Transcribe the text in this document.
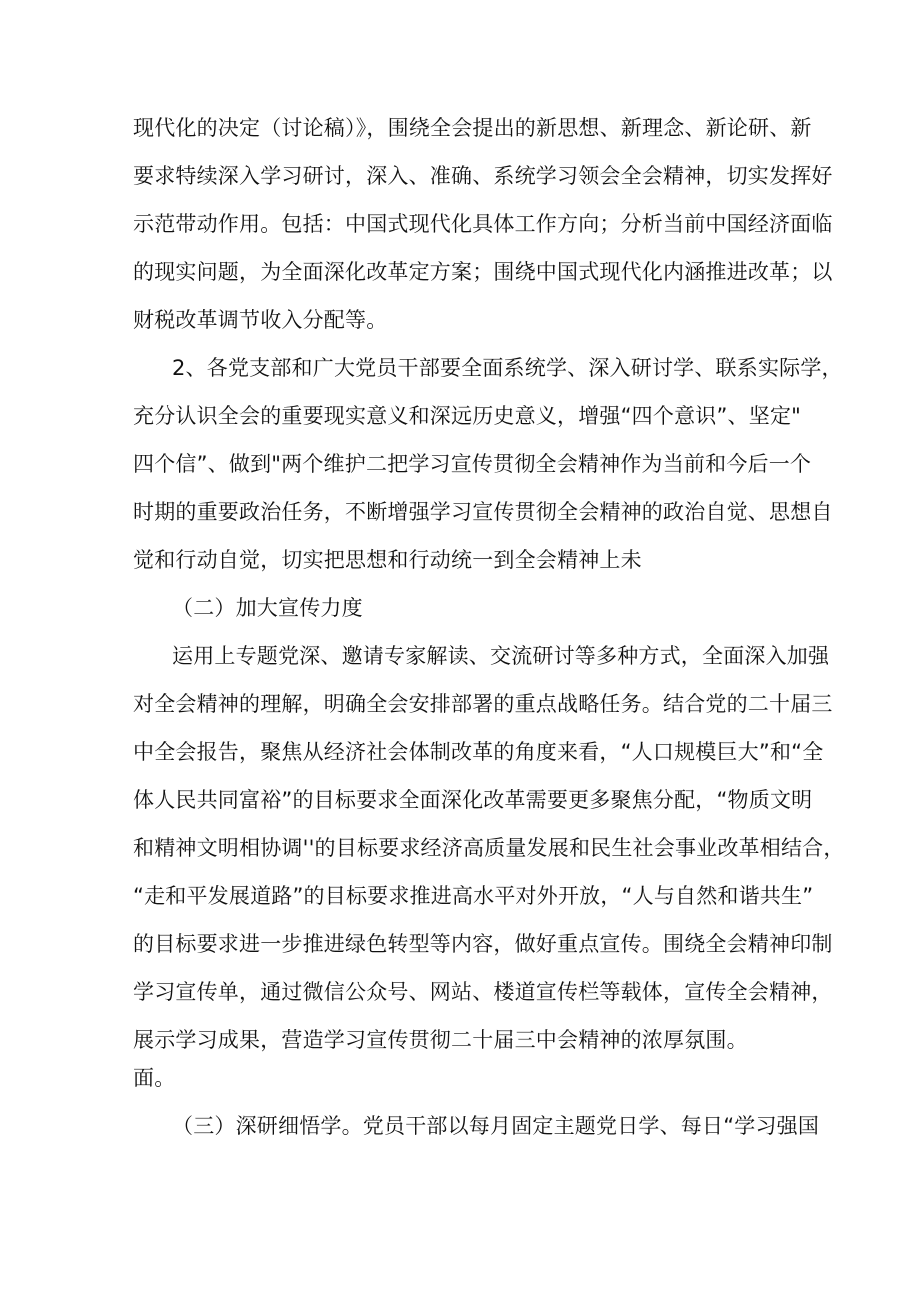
现代化的决定（讨论稿）》，围绕全会提出的新思想、新理念、新论研、新
要求特续深入学习研讨，深入、准确、系统学习领会全会精神，切实发挥好
示范带动作用。包括：中国式现代化具体工作方向；分析当前中国经济面临
的现实问题，为全面深化改革定方案；围绕中国式现代化内涵推进改革；以
财税改革调节收入分配等。
2、各党支部和广大党员干部要全面系统学、深入研讨学、联系实际学，
充分认识全会的重要现实意义和深远历史意义，增强“四个意识”、坚定"
四个信”、做到"两个维护二把学习宣传贯彻全会精神作为当前和今后一个
时期的重要政治任务，不断增强学习宣传贯彻全会精神的政治自觉、思想自
觉和行动自觉，切实把思想和行动统一到全会精神上未
（二）加大宣传力度
运用上专题党深、邀请专家解读、交流研讨等多种方式，全面深入加强
对全会精神的理解，明确全会安排部署的重点战略任务。结合党的二十届三
中全会报告，聚焦从经济社会体制改革的角度来看，“人口规模巨大”和“全
体人民共同富裕”的目标要求全面深化改革需要更多聚焦分配，“物质文明
和精神文明相协调''的目标要求经济高质量发展和民生社会事业改革相结合，
“走和平发展道路”的目标要求推进高水平对外开放，“人与自然和谐共生”
的目标要求进一步推进绿色转型等内容，做好重点宣传。围绕全会精神印制
学习宣传单，通过微信公众号、网站、楼道宣传栏等载体，宣传全会精神，
展示学习成果，营造学习宣传贯彻二十届三中会精神的浓厚氛围。
面。
（三）深研细悟学。党员干部以每月固定主题党日学、每日“学习强国
